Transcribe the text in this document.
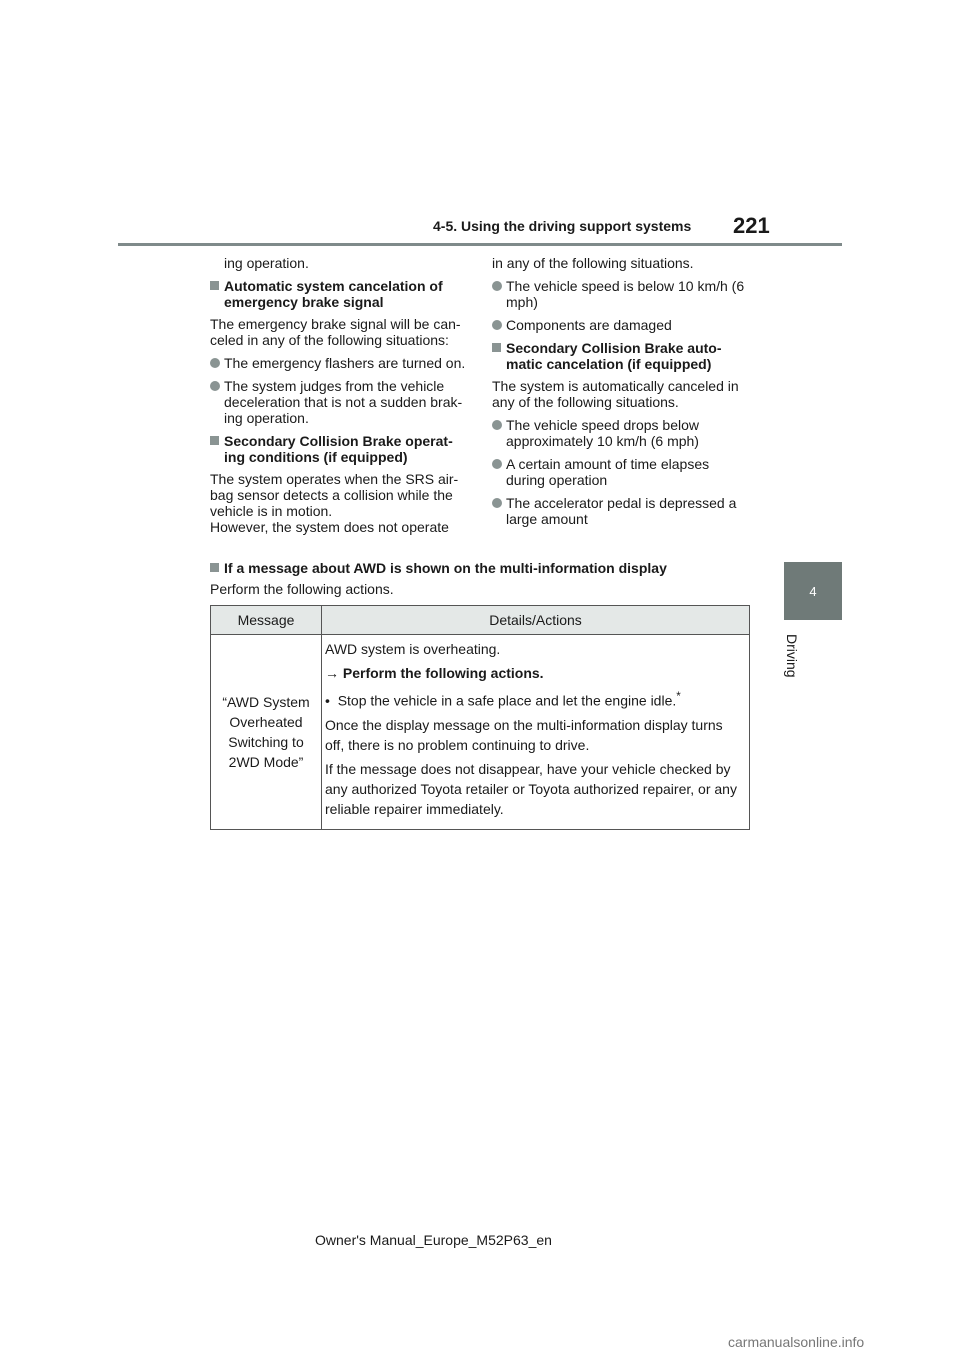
4-5. Using the driving support systems 221
4
Driving

ing operation.

Automatic system cancelation of emergency brake signal

The emergency brake signal will be can-celed in any of the following situations:

The emergency flashers are turned on.
The system judges from the vehicle deceleration that is not a sudden brak-ing operation.
Secondary Collision Brake operat-ing conditions (if equipped)

The system operates when the SRS air-bag sensor detects a collision while the vehicle is in motion.

However, the system does not operate

in any of the following situations.

The vehicle speed is below 10 km/h (6 mph)
Components are damaged
Secondary Collision Brake auto-matic cancelation (if equipped)

The system is automatically canceled in any of the following situations.

The vehicle speed drops below approximately 10 km/h (6 mph)
A certain amount of time elapses during operation
The accelerator pedal is depressed a large amount
If a message about AWD is shown on the multi-information display
Perform the following actions.
Message	Details/Actions
“AWD System Overheated Switching to 2WD Mode”	AWD system is overheating.
→ Perform the following actions.
• Stop the vehicle in a safe place and let the engine idle.*
Once the display message on the multi-information display turns off, there is no problem continuing to drive.
If the message does not disappear, have your vehicle checked by any authorized Toyota retailer or Toyota authorized repairer, or any reliable repairer immediately.
Owner's Manual_Europe_M52P63_en
carmanualsonline.info
